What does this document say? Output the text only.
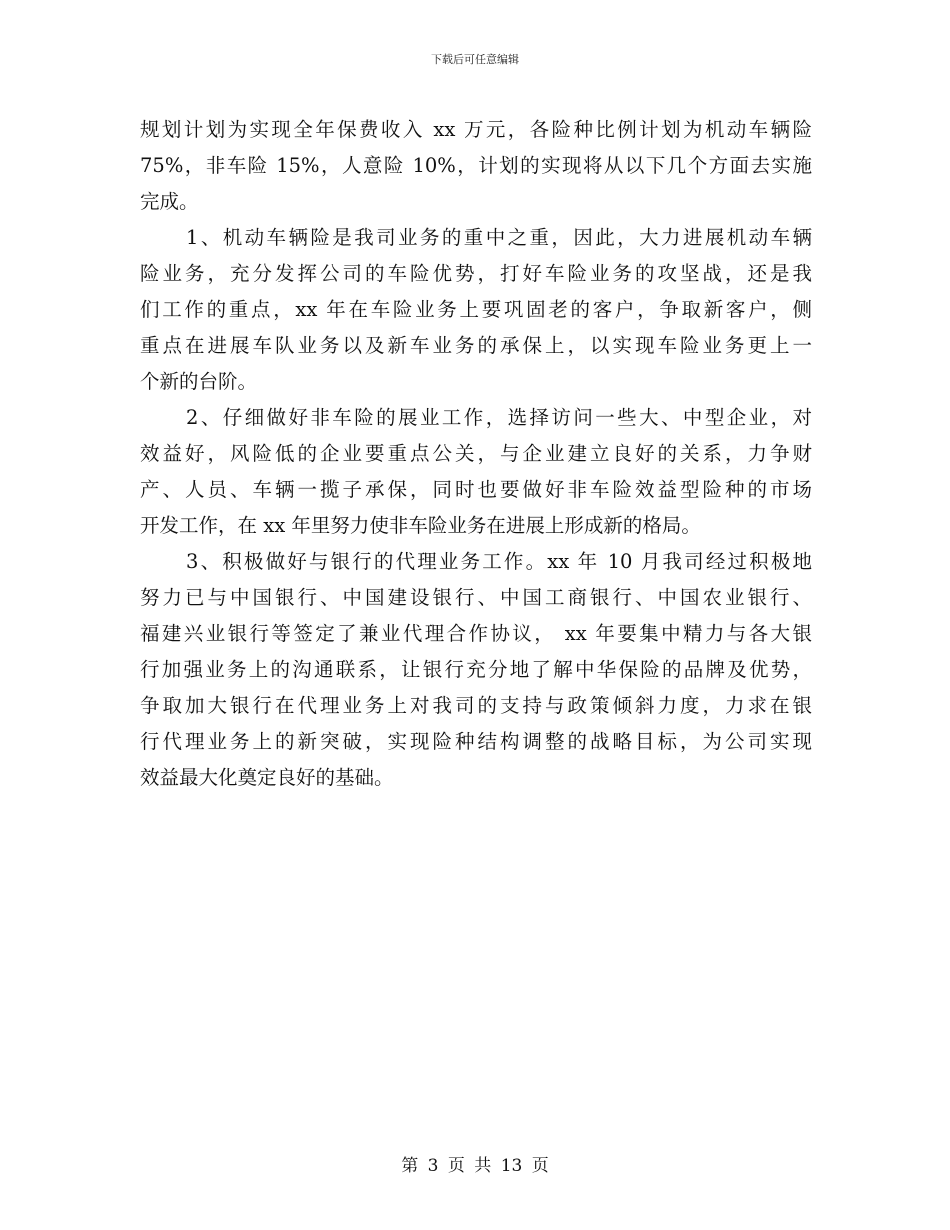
下载后可任意编辑
规划计划为实现全年保费收入 xx 万元，各险种比例计划为机动车辆险
75%，非车险 15%，人意险 10%，计划的实现将从以下几个方面去实施
完成。
1、机动车辆险是我司业务的重中之重，因此，大力进展机动车辆
险业务，充分发挥公司的车险优势，打好车险业务的攻坚战，还是我
们工作的重点，xx 年在车险业务上要巩固老的客户，争取新客户，侧
重点在进展车队业务以及新车业务的承保上，以实现车险业务更上一
个新的台阶。
2、仔细做好非车险的展业工作，选择访问一些大、中型企业，对
效益好，风险低的企业要重点公关，与企业建立良好的关系，力争财
产、人员、车辆一揽子承保，同时也要做好非车险效益型险种的市场
开发工作，在 xx 年里努力使非车险业务在进展上形成新的格局。
3、积极做好与银行的代理业务工作。xx 年 10 月我司经过积极地
努力已与中国银行、中国建设银行、中国工商银行、中国农业银行、
福建兴业银行等签定了兼业代理合作协议， xx 年要集中精力与各大银
行加强业务上的沟通联系，让银行充分地了解中华保险的品牌及优势，
争取加大银行在代理业务上对我司的支持与政策倾斜力度，力求在银
行代理业务上的新突破，实现险种结构调整的战略目标，为公司实现
效益最大化奠定良好的基础。
第 3 页 共 13 页
